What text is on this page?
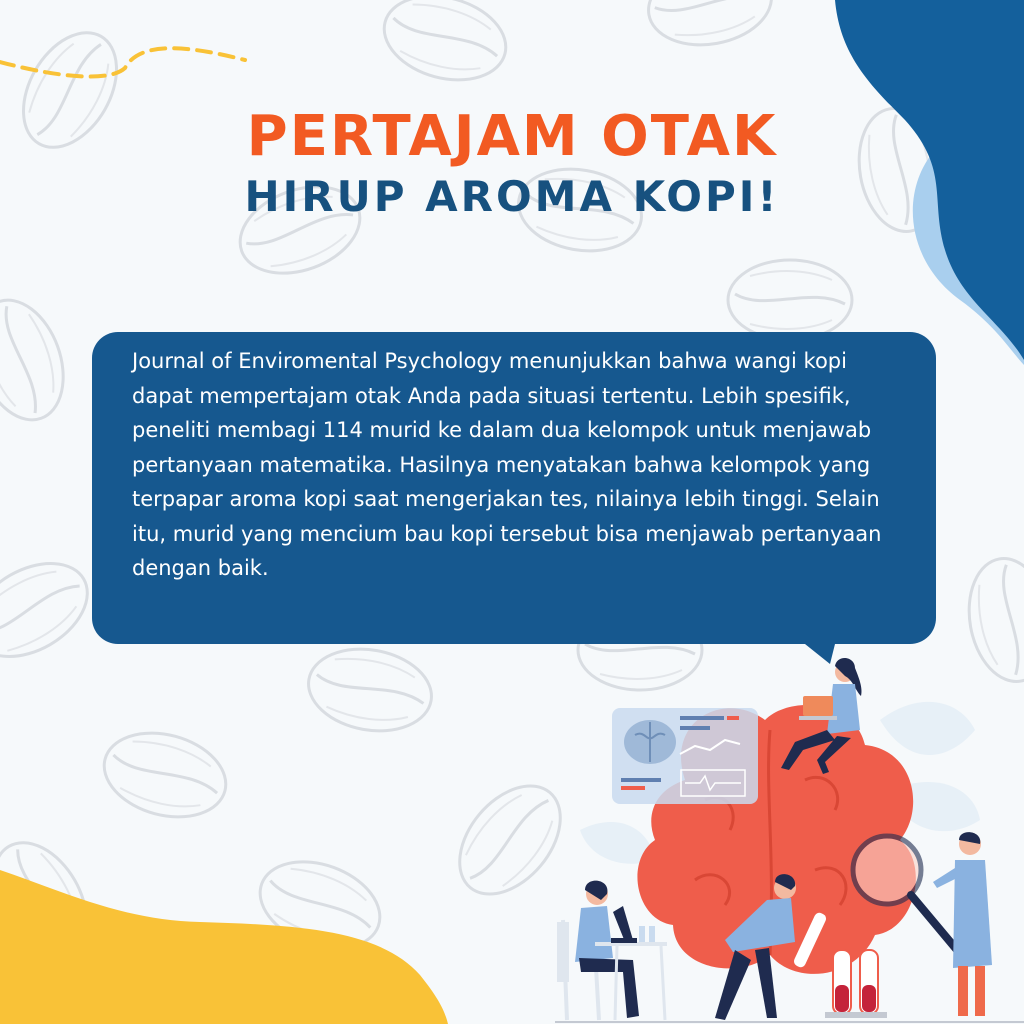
PERTAJAM OTAK
HIRUP AROMA KOPI!

Journal of Enviromental Psychology menunjukkan bahwa wangi kopi dapat mempertajam otak Anda pada situasi tertentu. Lebih spesifik, peneliti membagi 114 murid ke dalam dua kelompok untuk menjawab pertanyaan matematika. Hasilnya menyatakan bahwa kelompok yang terpapar aroma kopi saat mengerjakan tes, nilainya lebih tinggi. Selain itu, murid yang mencium bau kopi tersebut bisa menjawab pertanyaan dengan baik.
